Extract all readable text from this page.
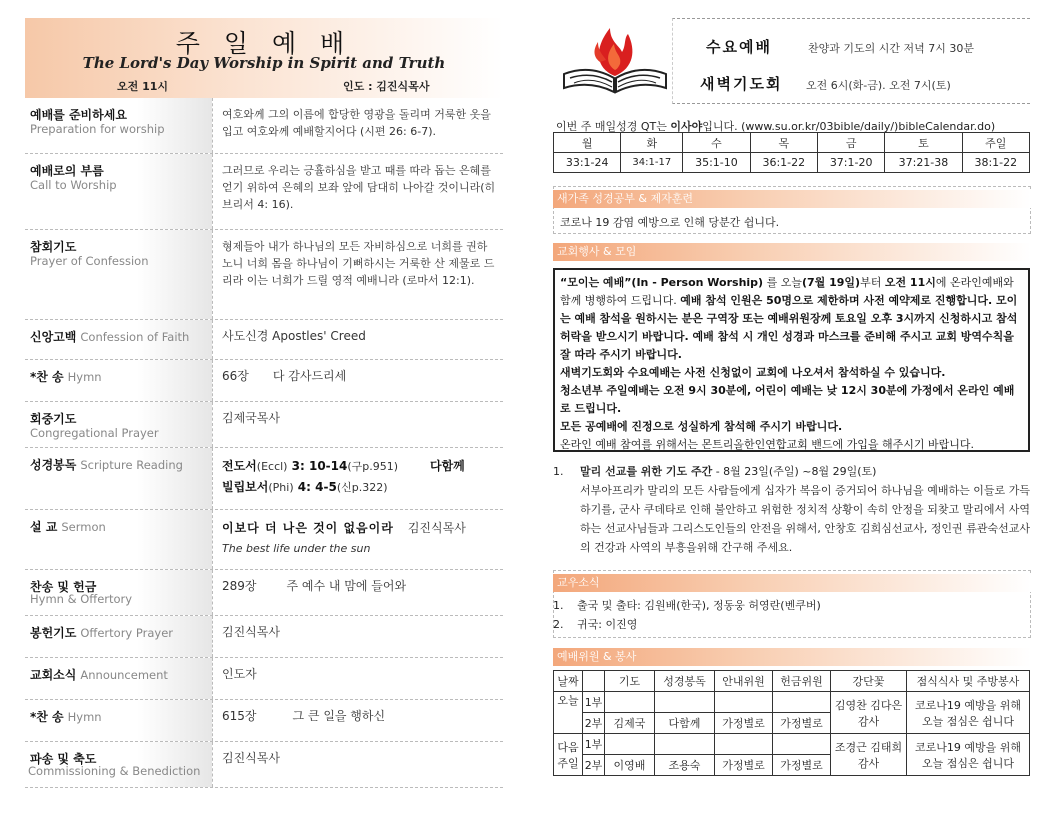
주 일 예 배
The Lord's Day Worship in Spirit and Truth
오전 11시	인도 : 김진식목사
예배를 준비하세요
Preparation for worship
여호와께 그의 이름에 합당한 영광을 돌리며 거룩한 옷을 입고 여호와께 예배할지어다 (시편 26: 6-7).
예배로의 부름
Call to Worship
그러므로 우리는 긍휼하심을 받고 때를 따라 돕는 은혜를 얻기 위하여 은혜의 보좌 앞에 담대히 나아갈 것이니라(히브리서 4: 16).
참회기도
Prayer of Confession
형제들아 내가 하나님의 모든 자비하심으로 너희를 권하노니 너희 몸을 하나님이 기뻐하시는 거룩한 산 제물로 드리라 이는 너희가 드릴 영적 예배니라 (로마서 12:1).
신앙고백 Confession of Faith	사도신경 Apostles' Creed
*찬 송 Hymn	66장 다 감사드리세
회중기도
Congregational Prayer
김제국목사
성경봉독 Scripture Reading	전도서(Eccl) 3: 10-14(구p.951)	다함께
빌립보서(Phi) 4: 4-5(신p.322)
설 교 Sermon	이보다 더 나은 것이 없음이라 김진식목사
The best life under the sun
찬송 및 헌금
Hymn & Offertory
289장	주 예수 내 맘에 들어와
봉헌기도 Offertory Prayer	김진식목사
교회소식 Announcement	인도자
*찬 송 Hymn	615장	그 큰 일을 행하신
파송 및 축도
Commissioning & Benediction
김진식목사
수요예배	찬양과 기도의 시간 저녁 7시 30분
새벽기도회 오전 6시(화-금). 오전 7시(토)
이번 주 매일성경 QT는 이사야입니다. (www.su.or.kr/03bible/daily/)bibleCalendar.do)
월	화	수	목	금	토	주일
33:1-24	34:1-17	35:1-10	36:1-22	37:1-20	37:21-38	38:1-22
새가족 성경공부 & 제자훈련
코로나 19 감염 예방으로 인해 당분간 쉽니다.
교회행사 & 모임

“모이는 예배”(In - Person Worship) 를 오늘(7월 19일)부터 오전 11시에 온라인예배와 함께 병행하여 드립니다. 예배 참석 인원은 50명으로 제한하며 사전 예약제로 진행합니다. 모이는 예배 참석을 원하시는 분은 구역장 또는 예배위원장께 토요일 오후 3시까지 신청하시고 참석 허락을 받으시기 바랍니다. 예배 참석 시 개인 성경과 마스크를 준비해 주시고 교회 방역수칙을 잘 따라 주시기 바랍니다.

새벽기도회와 수요예배는 사전 신청없이 교회에 나오셔서 참석하실 수 있습니다.

청소년부 주일예배는 오전 9시 30분에, 어린이 예배는 낮 12시 30분에 가정에서 온라인 예배로 드립니다.

모든 공예배에 진정으로 성실하게 참석해 주시기 바랍니다.

온라인 예배 참여를 위해서는 몬트리올한인연합교회 밴드에 가입을 해주시기 바랍니다.

1. 말리 선교를 위한 기도 주간 - 8월 23일(주일) ~8월 29일(토)
서부아프리카 말리의 모든 사람들에게 십자가 복음이 증거되어 하나님을 예배하는 이들로 가득 하기를, 군사 쿠데타로 인해 불안하고 위험한 정치적 상황이 속히 안정을 되찾고 말리에서 사역하는 선교사님들과 그리스도인들의 안전을 위해서, 안창호 김희심선교사, 정인권 류관숙선교사의 건강과 사역의 부흥을위해 간구해 주세요.
교우소식
1. 출국 및 출타: 김원배(한국), 정동웅 허영란(벤쿠버)
2. 귀국: 이진영
예배위원 & 봉사
날짜		기도	성경봉독	안내위원	헌금위원	강단꽃	점식식사 및 주방봉사
오늘	1부					김영찬 김다은 감사	코로나19 예방을 위해 오늘 점심은 쉽니다
	2부	김제국	다함께	가정별로	가정별로		
다음 주일	1부					조경근 김태희 감사	코로나19 예방을 위해 오늘 점심은 쉽니다
	2부	이영배	조용숙	가정별로	가정별로		
